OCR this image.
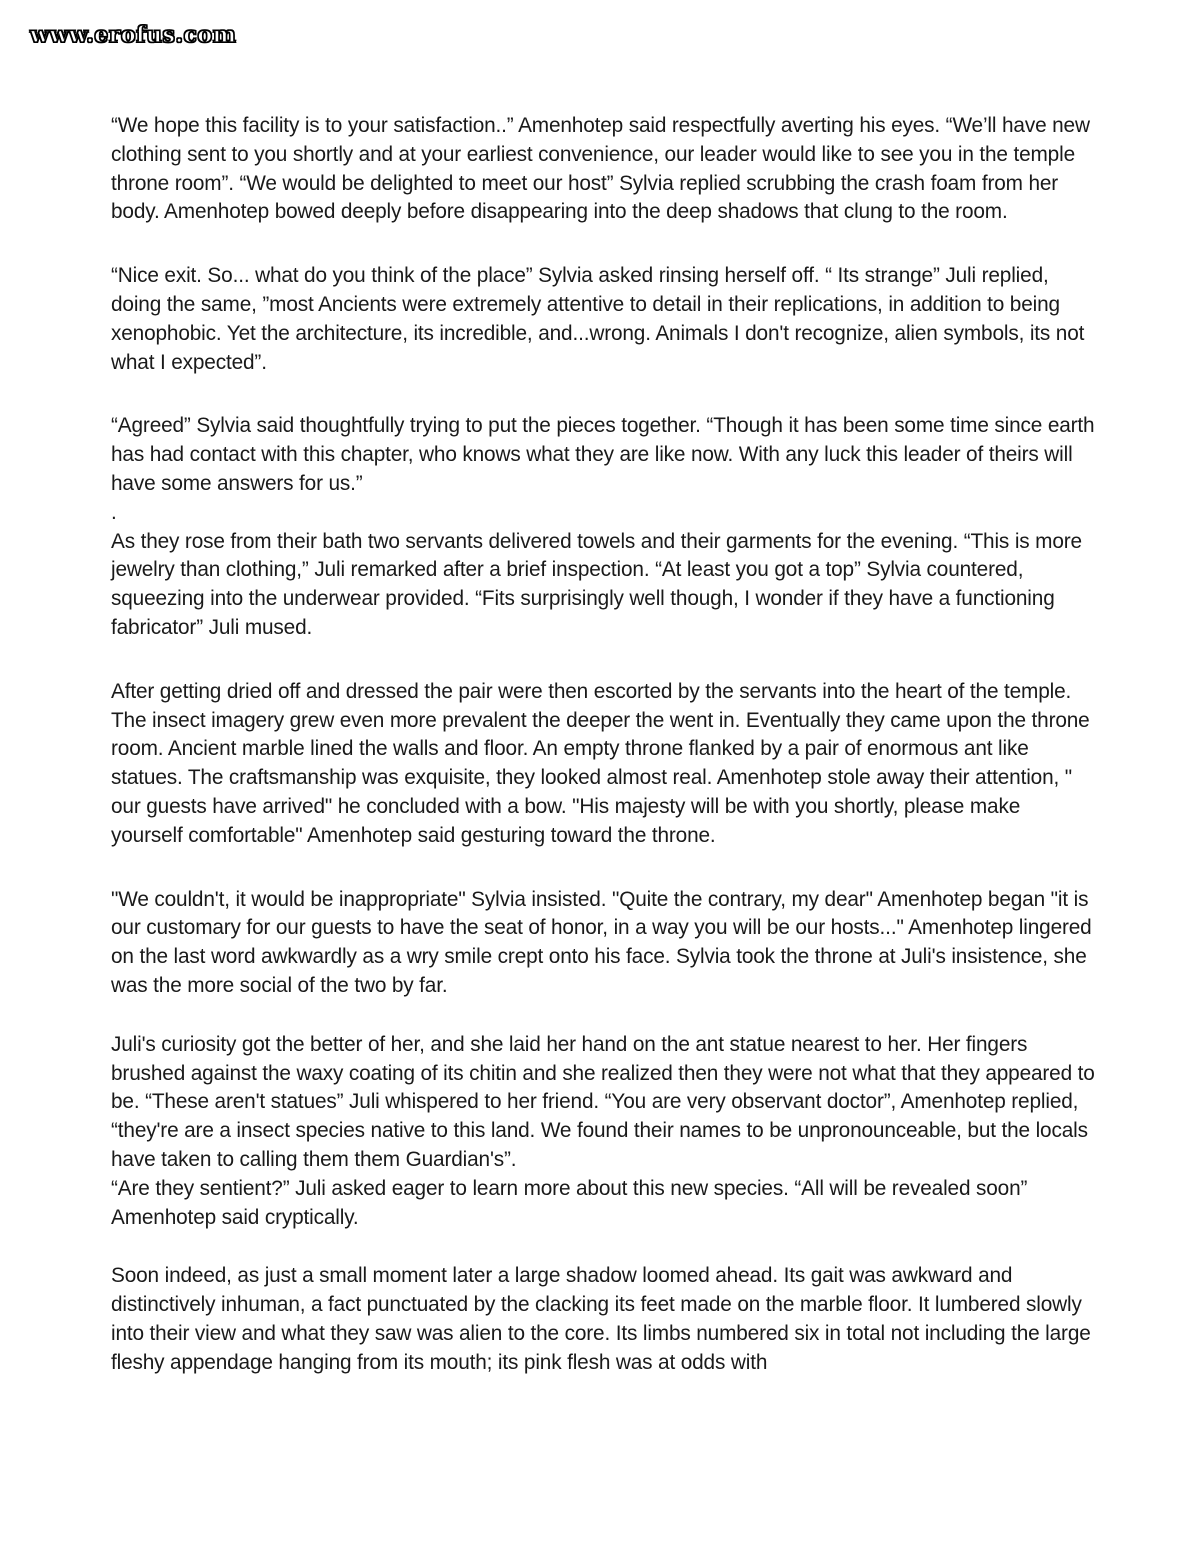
www.erofus.com

“We hope this facility is to your satisfaction..” Amenhotep said respectfully averting his eyes. “We’ll have new clothing sent to you shortly and at your earliest convenience, our leader would like to see you in the temple throne room”. “We would be delighted to meet our host” Sylvia replied scrubbing the crash foam from her body. Amenhotep bowed deeply before disappearing into the deep shadows that clung to the room.

“Nice exit. So... what do you think of the place” Sylvia asked rinsing herself off. “ Its strange” Juli replied, doing the same, ”most Ancients were extremely attentive to detail in their replications, in addition to being xenophobic. Yet the architecture, its incredible, and...wrong. Animals I don't recognize, alien symbols, its not what I expected”.

“Agreed” Sylvia said thoughtfully trying to put the pieces together. “Though it has been some time since earth has had contact with this chapter, who knows what they are like now. With any luck this leader of theirs will have some answers for us.”

.

As they rose from their bath two servants delivered towels and their garments for the evening. “This is more jewelry than clothing,” Juli remarked after a brief inspection. “At least you got a top” Sylvia countered, squeezing into the underwear provided. “Fits surprisingly well though, I wonder if they have a functioning fabricator” Juli mused.

After getting dried off and dressed the pair were then escorted by the servants into the heart of the temple. The insect imagery grew even more prevalent the deeper the went in. Eventually they came upon the throne room. Ancient marble lined the walls and floor. An empty throne flanked by a pair of enormous ant like statues. The craftsmanship was exquisite, they looked almost real. Amenhotep stole away their attention, " our guests have arrived" he concluded with a bow. "His majesty will be with you shortly, please make yourself comfortable" Amenhotep said gesturing toward the throne.

"We couldn't, it would be inappropriate" Sylvia insisted. "Quite the contrary, my dear" Amenhotep began "it is our customary for our guests to have the seat of honor, in a way you will be our hosts..." Amenhotep lingered on the last word awkwardly as a wry smile crept onto his face. Sylvia took the throne at Juli's insistence, she was the more social of the two by far.

Juli's curiosity got the better of her, and she laid her hand on the ant statue nearest to her. Her fingers brushed against the waxy coating of its chitin and she realized then they were not what that they appeared to be. “These aren't statues” Juli whispered to her friend. “You are very observant doctor”, Amenhotep replied, “they're are a insect species native to this land. We found their names to be unpronounceable, but the locals have taken to calling them them Guardian's”.

“Are they sentient?” Juli asked eager to learn more about this new species. “All will be revealed soon” Amenhotep said cryptically.

Soon indeed, as just a small moment later a large shadow loomed ahead. Its gait was awkward and distinctively inhuman, a fact punctuated by the clacking its feet made on the marble floor. It lumbered slowly into their view and what they saw was alien to the core. Its limbs numbered six in total not including the large fleshy appendage hanging from its mouth; its pink flesh was at odds with
